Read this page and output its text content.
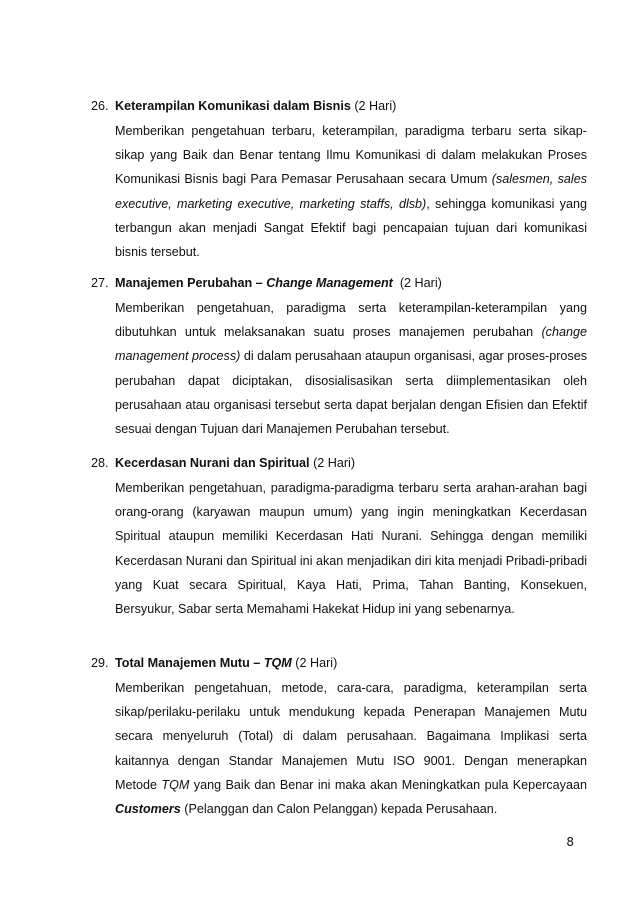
26. Keterampilan Komunikasi dalam Bisnis (2 Hari)
Memberikan pengetahuan terbaru, keterampilan, paradigma terbaru serta sikap-sikap yang Baik dan Benar tentang Ilmu Komunikasi di dalam melakukan Proses Komunikasi Bisnis bagi Para Pemasar Perusahaan secara Umum (salesmen, sales executive, marketing executive, marketing staffs, dlsb), sehingga komunikasi yang terbangun akan menjadi Sangat Efektif bagi pencapaian tujuan dari komunikasi bisnis tersebut.
27. Manajemen Perubahan – Change Management (2 Hari)
Memberikan pengetahuan, paradigma serta keterampilan-keterampilan yang dibutuhkan untuk melaksanakan suatu proses manajemen perubahan (change management process) di dalam perusahaan ataupun organisasi, agar proses-proses perubahan dapat diciptakan, disosialisasikan serta diimplementasikan oleh perusahaan atau organisasi tersebut serta dapat berjalan dengan Efisien dan Efektif sesuai dengan Tujuan dari Manajemen Perubahan tersebut.
28. Kecerdasan Nurani dan Spiritual (2 Hari)
Memberikan pengetahuan, paradigma-paradigma terbaru serta arahan-arahan bagi orang-orang (karyawan maupun umum) yang ingin meningkatkan Kecerdasan Spiritual ataupun memiliki Kecerdasan Hati Nurani. Sehingga dengan memiliki Kecerdasan Nurani dan Spiritual ini akan menjadikan diri kita menjadi Pribadi-pribadi yang Kuat secara Spiritual, Kaya Hati, Prima, Tahan Banting, Konsekuen, Bersyukur, Sabar serta Memahami Hakekat Hidup ini yang sebenarnya.
29. Total Manajemen Mutu – TQM (2 Hari)
Memberikan pengetahuan, metode, cara-cara, paradigma, keterampilan serta sikap/perilaku-perilaku untuk mendukung kepada Penerapan Manajemen Mutu secara menyeluruh (Total) di dalam perusahaan. Bagaimana Implikasi serta kaitannya dengan Standar Manajemen Mutu ISO 9001. Dengan menerapkan Metode TQM yang Baik dan Benar ini maka akan Meningkatkan pula Kepercayaan Customers (Pelanggan dan Calon Pelanggan) kepada Perusahaan.
8
